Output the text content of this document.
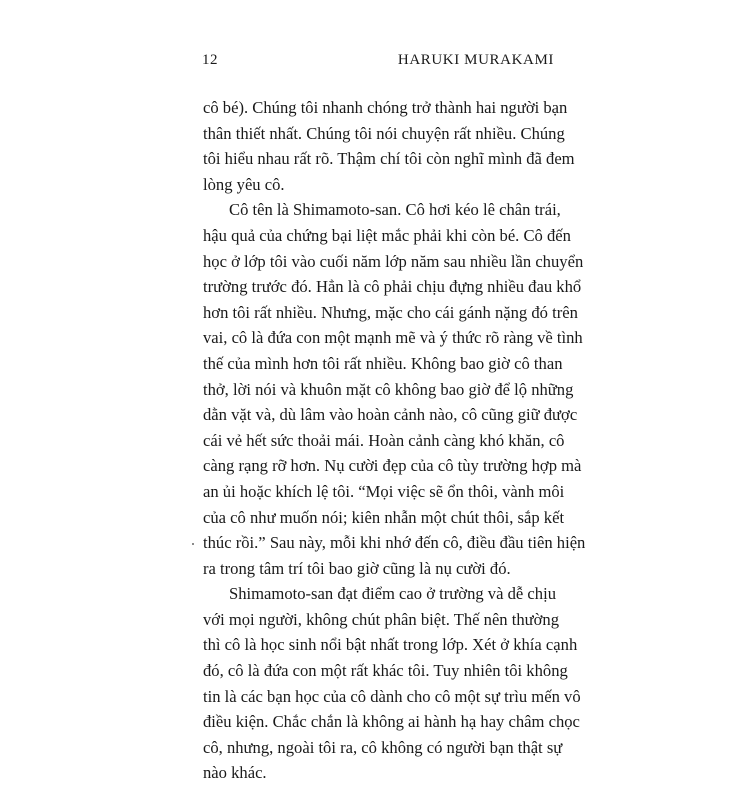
12	HARUKI MURAKAMI
cô bé). Chúng tôi nhanh chóng trở thành hai người bạn
thân thiết nhất. Chúng tôi nói chuyện rất nhiều. Chúng
tôi hiểu nhau rất rõ. Thậm chí tôi còn nghĩ mình đã đem
lòng yêu cô.
Cô tên là Shimamoto-san. Cô hơi kéo lê chân trái,
hậu quả của chứng bại liệt mắc phải khi còn bé. Cô đến
học ở lớp tôi vào cuối năm lớp năm sau nhiều lần chuyển
trường trước đó. Hẳn là cô phải chịu đựng nhiều đau khổ
hơn tôi rất nhiều. Nhưng, mặc cho cái gánh nặng đó trên
vai, cô là đứa con một mạnh mẽ và ý thức rõ ràng về tình
thế của mình hơn tôi rất nhiều. Không bao giờ cô than
thở, lời nói và khuôn mặt cô không bao giờ để lộ những
dằn vặt và, dù lâm vào hoàn cảnh nào, cô cũng giữ được
cái vẻ hết sức thoải mái. Hoàn cảnh càng khó khăn, cô
càng rạng rỡ hơn. Nụ cười đẹp của cô tùy trường hợp mà
an ủi hoặc khích lệ tôi. “Mọi việc sẽ ổn thôi, vành môi
của cô như muốn nói; kiên nhẫn một chút thôi, sắp kết
thúc rồi.” Sau này, mỗi khi nhớ đến cô, điều đầu tiên hiện
ra trong tâm trí tôi bao giờ cũng là nụ cười đó.
Shimamoto-san đạt điểm cao ở trường và dễ chịu
với mọi người, không chút phân biệt. Thế nên thường
thì cô là học sinh nổi bật nhất trong lớp. Xét ở khía cạnh
đó, cô là đứa con một rất khác tôi. Tuy nhiên tôi không
tin là các bạn học của cô dành cho cô một sự trìu mến vô
điều kiện. Chắc chắn là không ai hành hạ hay châm chọc
cô, nhưng, ngoài tôi ra, cô không có người bạn thật sự
nào khác.
